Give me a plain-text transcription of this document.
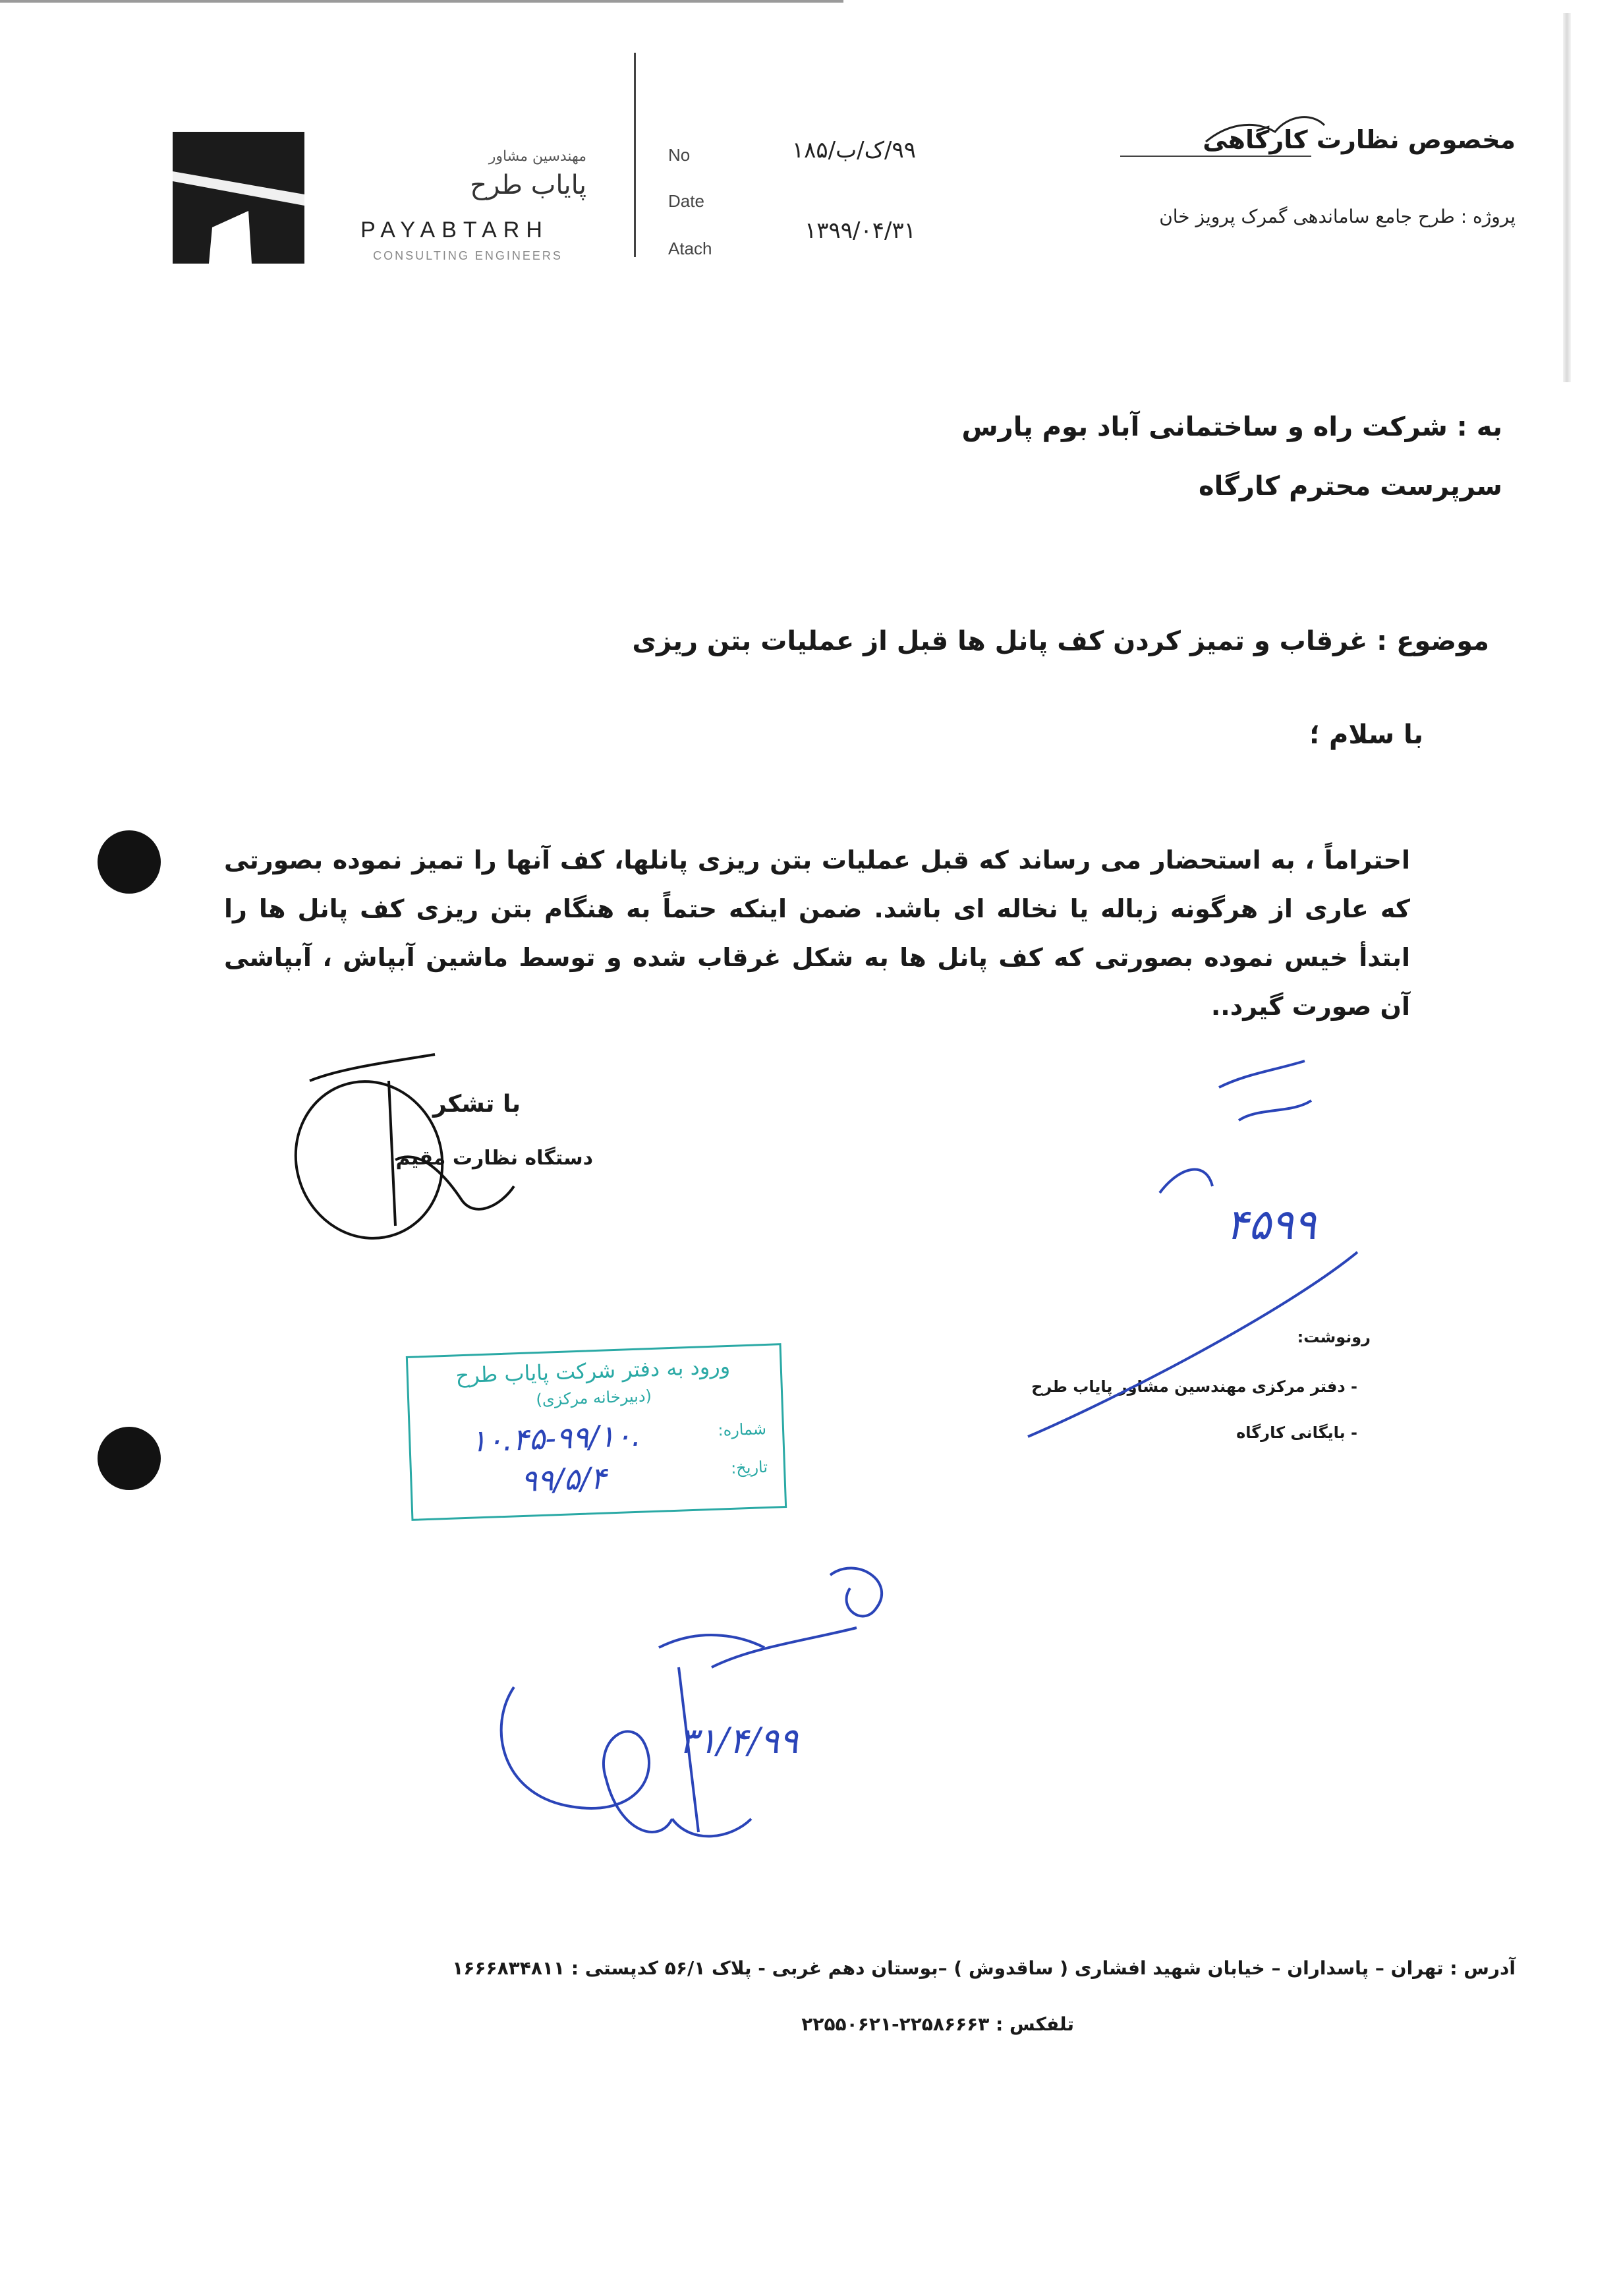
مهندسین مشاور
پایاب طرح
PAYABTARH
CONSULTING ENGINEERS
No
Date
Atach
۹۹/ک/ب/۱۸۵
۱۳۹۹/۰۴/۳۱
مخصوص نظارت کارگاهی
پروژه : طرح جامع ساماندهی گمرک پرویز خان
به : شرکت راه و ساختمانی آباد بوم پارس
سرپرست محترم کارگاه
موضوع : غرقاب و تمیز کردن کف پانل ها قبل از عملیات بتن ریزی
با سلام ؛
احتراماً ، به استحضار می رساند که قبل عملیات بتن ریزی پانلها، کف آنها را تمیز نموده بصورتی که عاری از هرگونه زباله یا نخاله ای باشد. ضمن اینکه حتماً به هنگام بتن ریزی کف پانل ها را ابتدأ خیس نموده بصورتی که کف پانل ها به شکل غرقاب شده و توسط ماشین آبپاش ، آبپاشی آن صورت گیرد..
با تشکر
دستگاه نظارت مقیم
رونوشت:
- دفتر مرکزی مهندسین مشاور پایاب طرح
- بایگانی کارگاه
ورود به دفتر شرکت پایاب طرح
(دبیرخانه مرکزی)
شماره:
تاریخ:
۱۰.۴۵-۹۹/۱۰.
۹۹/۵/۴
۴۵۹۹
۳۱/۴/۹۹
آدرس : تهران – پاسداران – خیابان شهید افشاری ( ساقدوش ) –بوستان دهم غربی - پلاک ۵۶/۱ کدپستی : ۱۶۶۶۸۳۴۸۱۱
تلفکس : ۲۲۵۸۶۶۶۳-۲۲۵۵۰۶۲۱
